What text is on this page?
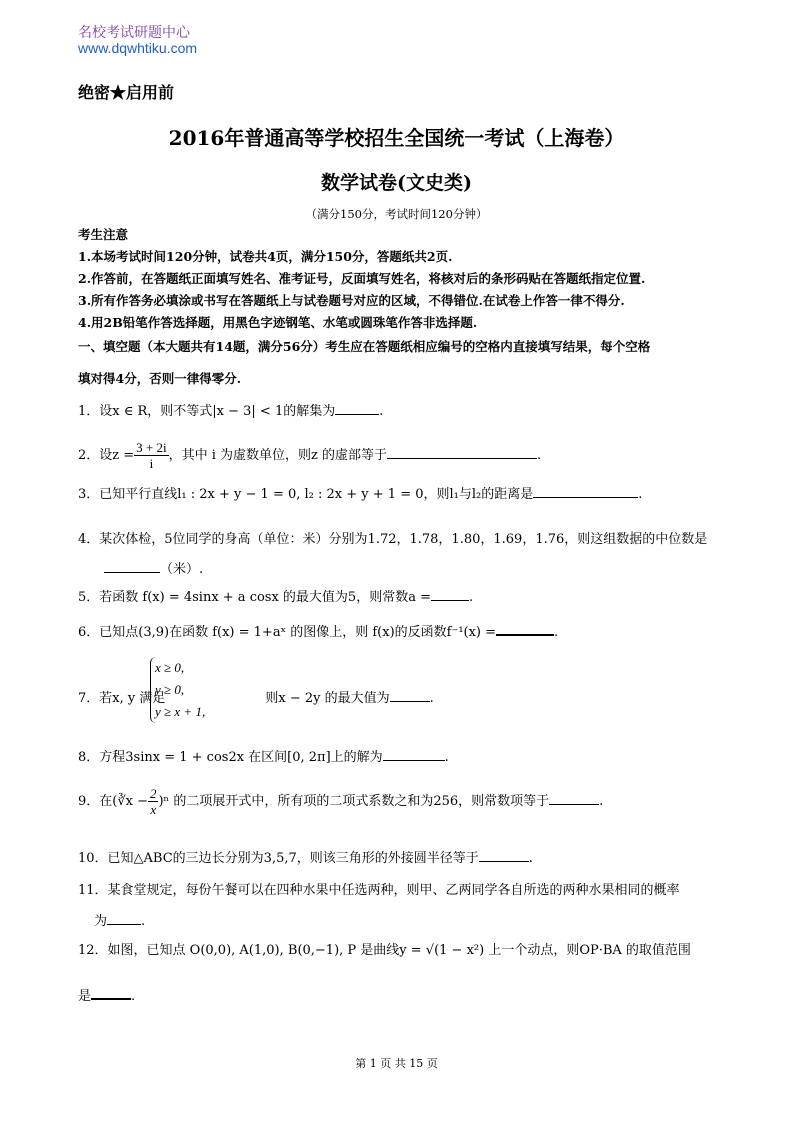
名校考试研题中心
www.dqwhtiku.com
绝密★启用前
2016年普通高等学校招生全国统一考试（上海卷）
数学试卷(文史类)
（满分150分，考试时间120分钟）
考生注意
1.本场考试时间120分钟，试卷共4页，满分150分，答题纸共2页.
2.作答前，在答题纸正面填写姓名、准考证号，反面填写姓名，将核对后的条形码贴在答题纸指定位置.
3.所有作答务必填涂或书写在答题纸上与试卷题号对应的区域，不得错位.在试卷上作答一律不得分.
4.用2B铅笔作答选择题，用黑色字迹钢笔、水笔或圆珠笔作答非选择题.
一、填空题（本大题共有14题，满分56分）考生应在答题纸相应编号的空格内直接填写结果，每个空格
填对得4分，否则一律得零分.
1．设x ∈ R，则不等式|x − 3| < 1的解集为	.
2．设$z = \frac{3 + 2i}{i}$ ，其中 i 为虚数单位，则z 的虚部等于	.
3．已知平行直线l₁ : 2x + y − 1 = 0, l₂ : 2x + y + 1 = 0，则l₁与l₂的距离是	.
4．某次体检，5位同学的身高（单位：米）分别为1.72，1.78，1.80，1.69，1.76，则这组数据的中位数是
（米）.
5．若函数 f(x) = 4sinx + a cosx 的最大值为5，则常数a =	.
6．已知点(3,9)在函数 f(x) = 1+aˣ 的图像上，则 f(x)的反函数f⁻¹(x) =	.
7．若x, y 满足	则x − 2y 的最大值为	.
x ≥ 0,
y ≥ 0,
y ≥ x + 1,
8．方程3sinx = 1 + cos2x 在区间[0, 2π]上的解为	.
9．在(∛x − $\frac{2}{x} )^n$ 的二项展开式中，所有项的二项式系数之和为256，则常数项等于	.
10．已知△ABC的三边长分别为3,5,7，则该三角形的外接圆半径等于	.
11．某食堂规定，每份午餐可以在四种水果中任选两种，则甲、乙两同学各自所选的两种水果相同的概率
为	.
12．如图，已知点 O(0,0), A(1,0), B(0,−1), P 是曲线y = √(1 − x²) 上一个动点，则OP·BA 的取值范围
是	.
第 1 页 共 15 页
